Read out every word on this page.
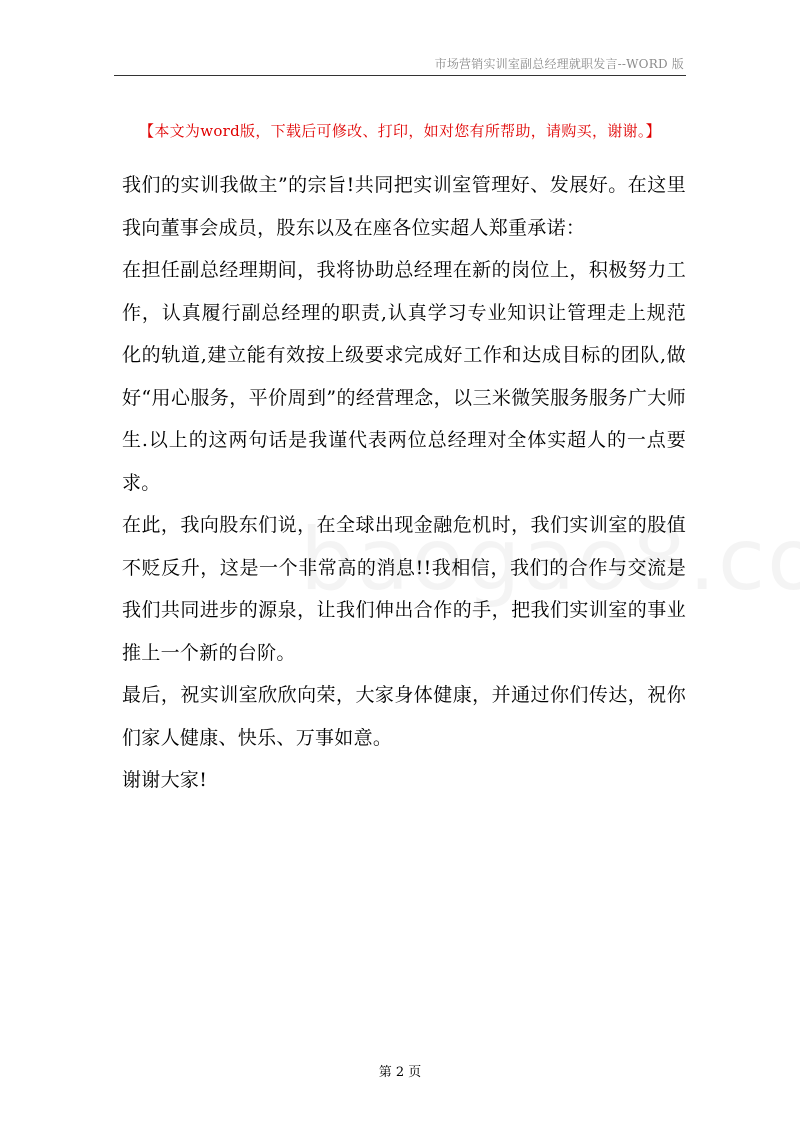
市场营销实训室副总经理就职发言--WORD 版
【本文为word版，下载后可修改、打印，如对您有所帮助，请购买，谢谢。】

我们的实训我做主”的宗旨!共同把实训室管理好、发展好。在这里我向董事会成员，股东以及在座各位实超人郑重承诺：

在担任副总经理期间，我将协助总经理在新的岗位上，积极努力工作，认真履行副总经理的职责,认真学习专业知识让管理走上规范化的轨道,建立能有效按上级要求完成好工作和达成目标的团队,做好“用心服务，平价周到”的经营理念，以三米微笑服务服务广大师生.以上的这两句话是我谨代表两位总经理对全体实超人的一点要求。

在此，我向股东们说，在全球出现金融危机时，我们实训室的股值不贬反升，这是一个非常高的消息!!我相信，我们的合作与交流是我们共同进步的源泉，让我们伸出合作的手，把我们实训室的事业推上一个新的台阶。

最后，祝实训室欣欣向荣，大家身体健康，并通过你们传达，祝你们家人健康、快乐、万事如意。

谢谢大家!

第 2 页
